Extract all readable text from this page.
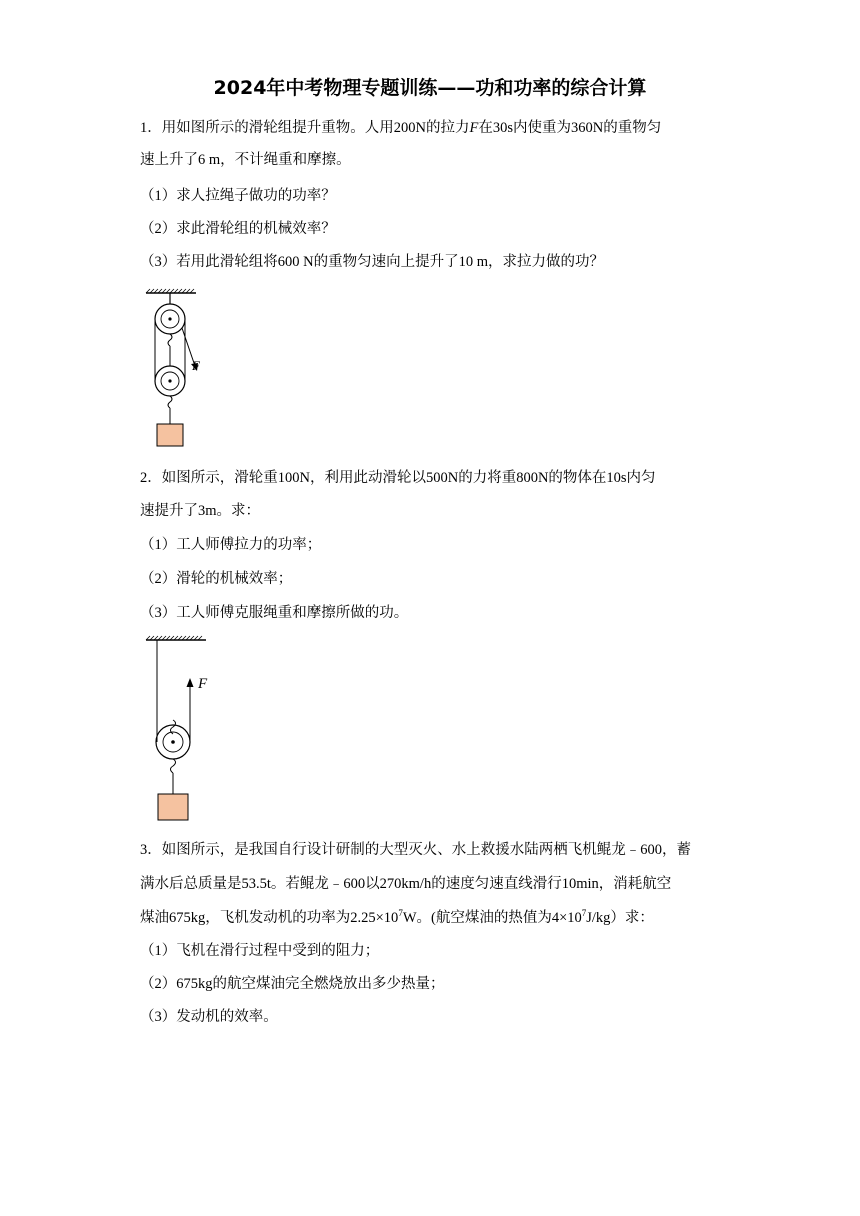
2024年中考物理专题训练——功和功率的综合计算
1．用如图所示的滑轮组提升重物。人用200N的拉力F在30s内使重为360N的重物匀
速上升了6 m，不计绳重和摩擦。
（1）求人拉绳子做功的功率？
（2）求此滑轮组的机械效率？
（3）若用此滑轮组将600 N的重物匀速向上提升了10 m，求拉力做的功？
F
2．如图所示，滑轮重100N，利用此动滑轮以500N的力将重800N的物体在10s内匀
速提升了3m。求：
（1）工人师傅拉力的功率；
（2）滑轮的机械效率；
（3）工人师傅克服绳重和摩擦所做的功。
F
3．如图所示，是我国自行设计研制的大型灭火、水上救援水陆两栖飞机鲲龙﹣600，蓄
满水后总质量是53.5t。若鲲龙﹣600以270km/h的速度匀速直线滑行10min，消耗航空
煤油675kg，飞机发动机的功率为$2.25\times 10^7W$。(航空煤油的热值为$4\times 10^7J/kg$）求：
（1）飞机在滑行过程中受到的阻力；
（2）675kg的航空煤油完全燃烧放出多少热量；
（3）发动机的效率。
